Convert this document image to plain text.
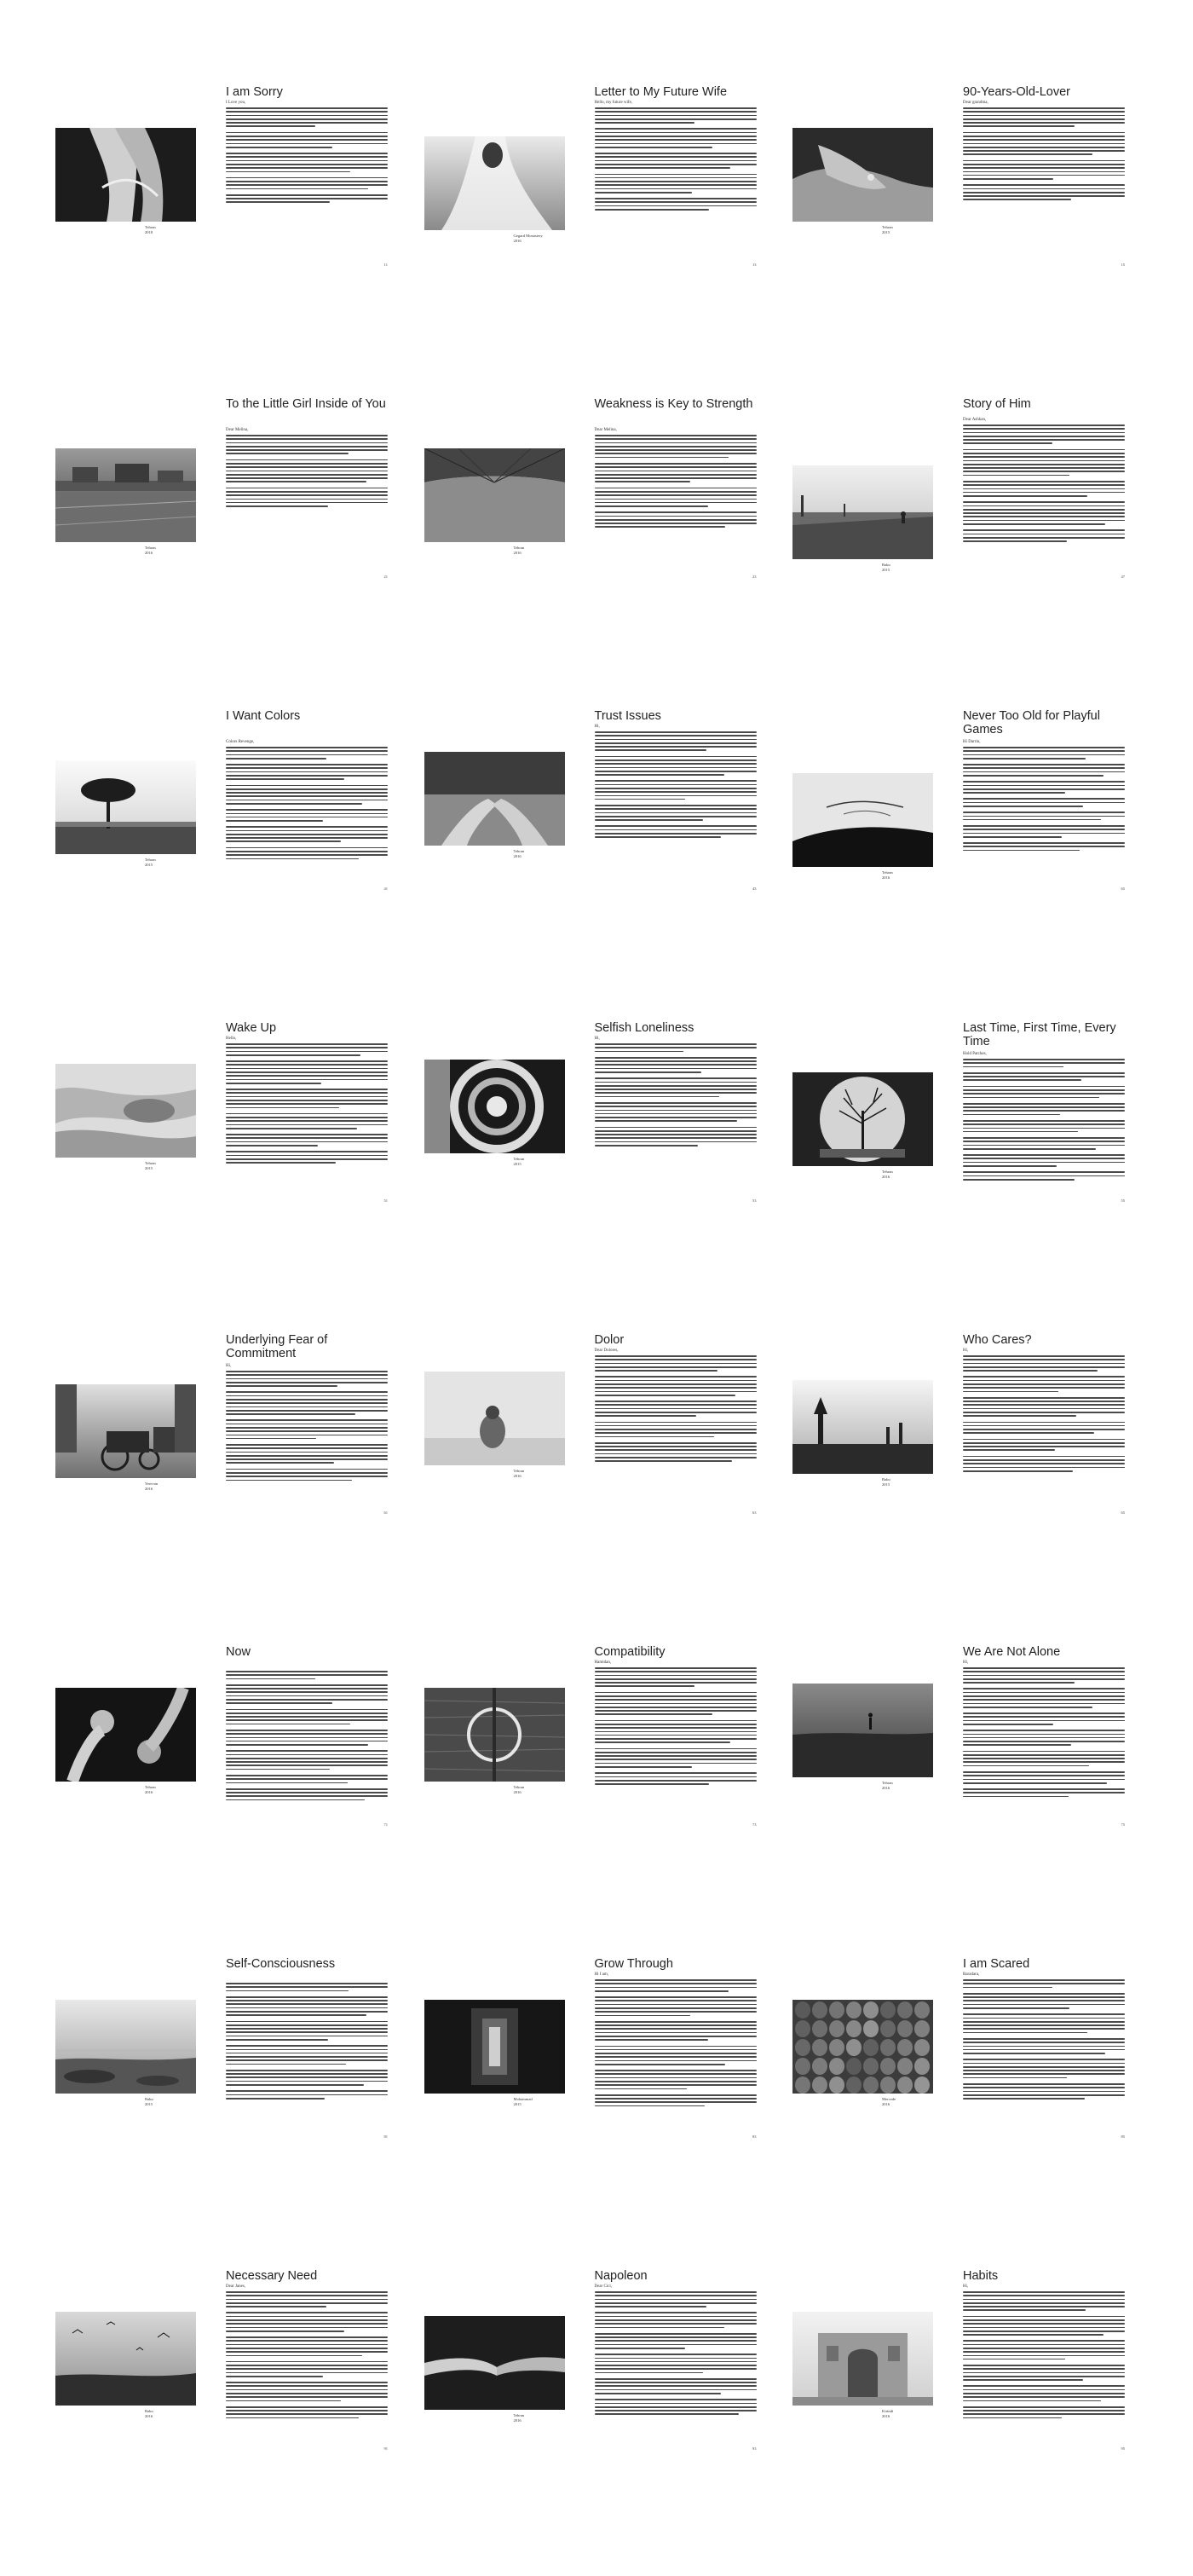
I am Sorry
I Love you,
Tehran
2018
11
Letter to My Future Wife
Hello, my future wife,
Gegard Monastery
2016
13
90-Years-Old-Lover
Dear grandma,
Tehran
2015
15
To the Little Girl Inside of You
Dear Melina,
Tehran
2016
21
Weakness is Key to Strength
Dear Melina,
Tehran
2016
23
Story of Him
Dear Ashkan,
Baku
2015
47
I Want Colors
Colors Revenge,
Tehran
2015
41
Trust Issues
Hi,
Tehran
2016
43
Never Too Old for Playful Games
Hi Darrin,
Tehran
2016
65
Wake Up
Hello,
Tehran
2015
51
Selfish Loneliness
Hi,
Tehran
2015
53
Last Time, First Time, Every Time
Hold Patches,
Tehran
2016
55
Underlying Fear of Commitment
Hi,
Yerevan
2016
61
Dolor
Dear Dolores,
Tehran
2016
63
Who Cares?
Hi,
Baku
2015
65
Now
Tehran
2016
71
Compatibility
Hamidan,
Tehran
2016
73
We Are Not Alone
Hi,
Tehran
2016
75
Self-Consciousness
Baku
2015
81
Grow Through
Hi I am,
Mohammad
2015
83
I am Scared
Baradara,
Mercede
2016
85
Necessary Need
Dear Janes,
Baku
2016
91
Napoleon
Dear Cici,
Tehran
2016
93
Habits
Hi,
Kirindi
2016
95
